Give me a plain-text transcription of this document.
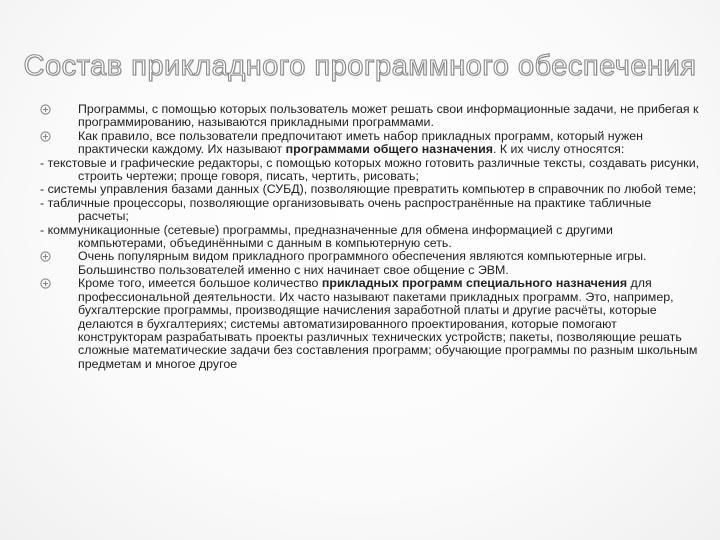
Состав прикладного программного обеспечения
Программы, с помощью которых пользователь может решать свои информационные задачи, не прибегая к программированию, называются прикладными программами.
Как правило, все пользователи предпочитают иметь набор прикладных программ, который нужен практически каждому. Их называют программами общего назначения. К их числу относятся:
- текстовые и графические редакторы, с помощью которых можно готовить различные тексты, создавать рисунки, строить чертежи; проще говоря, писать, чертить, рисовать;
- системы управления базами данных (СУБД), позволяющие превратить компьютер в справочник по любой теме;
- табличные процессоры, позволяющие организовывать очень распространённые на практике табличные расчеты;
- коммуникационные (сетевые) программы, предназначенные для обмена информацией с другими компьютерами, объединёнными с данным в компьютерную сеть.
Очень популярным видом прикладного программного обеспечения являются компьютерные игры. Большинство пользователей именно с них начинает свое общение с ЭВМ.
Кроме того, имеется большое количество прикладных программ специального назначения для профессиональной деятельности. Их часто называют пакетами прикладных программ. Это, например, бухгалтерские программы, производящие начисления заработной платы и другие расчёты, которые делаются в бухгалтериях; системы автоматизированного проектирования, которые помогают конструкторам разрабатывать проекты различных технических устройств; пакеты, позволяющие решать сложные математические задачи без составления программ; обучающие программы по разным школьным предметам и многое другое
